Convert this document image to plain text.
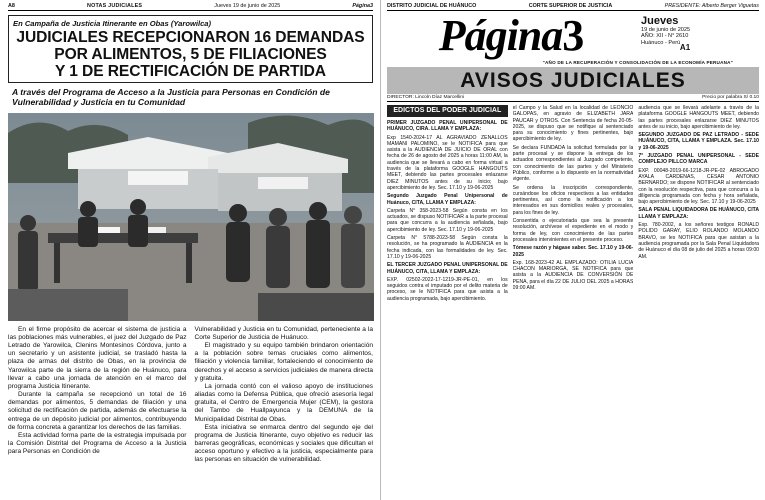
A8	NOTAS JUDICIALES	Jueves 19 de junio de 2025	Página3
En Campaña de Justicia Itinerante en Obas (Yarowilca)
JUDICIALES RECEPCIONARON 16 DEMANDAS
POR ALIMENTOS, 5 DE FILIACIONES
Y 1 DE RECTIFICACIÓN DE PARTIDA
A través del Programa de Acceso a la Justicia para Personas en Condición de Vulnerabilidad y Justicia en tu Comunidad

En el firme propósito de acercar el sistema de justicia a las poblaciones más vulnerables, el juez del Juzgado de Paz Letrado de Yarowilca, Clenins Montesinos Córdova, junto a un secretario y un asistente judicial, se trasladó hasta la plaza de armas del distrito de Obas, en la provincia de Yarowilca parte de la sierra de la región de Huánuco, para llevar a cabo una jornada de atención en el marco del programa Justicia Itinerante.

Durante la campaña se recepcionó un total de 16 demandas por alimentos, 5 demandas de filiación y una solicitud de rectificación de partida, además de efectuarse la entrega de un depósito judicial por alimentos, contribuyendo de forma concreta a garantizar los derechos de las familias.

Esta actividad forma parte de la estrategia impulsada por la Comisión Distrital del Programa de Acceso a la Justicia para Personas en Condición de

Vulnerabilidad y Justicia en tu Comunidad, perteneciente a la Corte Superior de Justicia de Huánuco.

El magistrado y su equipo también brindaron orientación a la población sobre temas cruciales como alimentos, filiación y violencia familiar, fortaleciendo el conocimiento de derechos y el acceso a servicios judiciales de manera directa y gratuita.

La jornada contó con el valioso apoyo de instituciones aliadas como la Defensa Pública, que ofreció asesoría legal gratuita, el Centro de Emergencia Mujer (CEM), la gestora del Tambo de Huallpayunca y la DEMUNA de la Municipalidad Distrital de Obas.

Esta iniciativa se enmarca dentro del segundo eje del programa de Justicia Itinerante, cuyo objetivo es reducir las barreras geográficas, económicas y sociales que dificultan el acceso oportuno y efectivo a la justicia, especialmente para las personas en situación de vulnerabilidad.

DISTRITO JUDICIAL DE HUÁNUCO	CORTE SUPERIOR DE JUSTICIA	PRESIDENTE: Alberto Berger Viguetas
Página3	Jueves
19 de junio de 2025
AÑO: XII - N° 2610
Huánuco - Perú
A1
"AÑO DE LA RECUPERACIÓN Y CONSOLIDACIÓN DE LA ECONOMÍA PERUANA"
AVISOS JUDICIALES
DIRECTOR: Lincoln Díaz Marcellini	Precio por palabra S/ 0.10
EDICTOS DEL PODER JUDICIAL

PRIMER JUZGADO PENAL UNIPERSONAL DE HUÁNUCO, CIRA. LLAMA Y EMPLAZA:

Exp 1540-2024-17 AL AGRAVIADO ZENALLOS MAMANI PALOMINO, se le NOTIFICA para que asista a la AUDIENCIA DE JUICIO DE ORAL con fecha de 26 de agosto del 2025 a horas 11:00 AM, la audiencia que se llevará a cabo en forma virtual a través de la plataforma GOOGLE HANGOUTS MEET, debiendo las partes procesales enlazarse DIEZ MINUTOS antes de su inicio; bajo apercibimiento de ley. Sec. 17.10 y 19-06-2025

Segundo Juzgado Penal Unipersonal de Huánuco, CITA, LLAMA Y EMPLAZA:

Carpeta N° 358-2023-58 Según consta en los actuados, se dispuso NOTIFICAR a la parte procesal para que concurra a la audiencia señalada, bajo apercibimiento de ley. Sec. 17.10 y 19-06-2025

Carpeta N° 5788-2023-58 Según consta la resolución, se ha programado la AUDIENCIA en la fecha indicada, con las formalidades de ley. Sec. 17.10 y 19-06-2025

EL TERCER JUZGADO PENAL UNIPERSONAL DE HUÁNUCO, CITA, LLAMA Y EMPLAZA:

EXP. 02502-2022-17-1219-JR-PE-01, en los seguidos contra el imputado por el delito materia de proceso, se le NOTIFICA para que asista a la audiencia programada, bajo apercibimiento.

el Campo y la Salud en la localidad de LEONCIO GALOPAS, en agravio de ELIZABETH JARA PAUCAR y OTROS. Con Sentencia de fecha 20-05-2025, se dispuso que se notifique al sentenciado para su conocimiento y fines pertinentes, bajo apercibimiento de ley.

Se declara FUNDADA la solicitud formulada por la parte procesal y se dispone la entrega de los actuados correspondientes al Juzgado competente, con conocimiento de las partes y del Ministerio Público, conforme a lo dispuesto en la normatividad vigente.

Se ordena la inscripción correspondiente, cursándose los oficios respectivos a las entidades pertinentes, así como la notificación a los interesados en sus domicilios reales y procesales, para los fines de ley.

Consentida o ejecutoriada que sea la presente resolución, archívese el expediente en el modo y forma de ley, con conocimiento de las partes procesales intervinientes en el presente proceso.

Tómese razón y hágase saber. Sec. 17.10 y 19-06-2025

Exp. 168-2023-42 AL EMPLAZADO: OTILIA LUCIA CHACON MARIORGA, SE NOTIFICA para que asista a la AUDIENCIA DE CONVERSIÓN DE PENA, para el día 22 DE JULIO DEL 2025 a HORAS 09:00 AM.

audiencia que se llevará adelante a través de la plataforma GOOGLE HANGOUTS MEET, debiendo las partes procesales enlazarse DIEZ MINUTOS antes de su inicio, bajo apercibimiento de ley.

SEGUNDO JUZGADO DE PAZ LETRADO - SEDE HUÁNUCO, CITA, LLAMA Y EMPLAZA. Sec. 17.10 y 19-06-2025

7° JUZGADO PENAL UNIPERSONAL - SEDE COMPLEJO PILLCO MARCA

EXP. 00048-2019-66-1218-JR-PE-02 ABROGADO AYALA CARDENAS, CESAR ANTONIO BERNARDO; se dispone NOTIFICAR al sentenciado con la resolución respectiva, para que concurra a la diligencia programada con fecha y hora señalada, bajo apercibimiento de ley. Sec. 17.10 y 19-06-2025

SALA PENAL LIQUIDADORA DE HUÁNUCO, CITA LLAMA Y EMPLAZA:

Exp. 780-2002, a los señores testigos RONALD POLIDO GARAY, ELIO ROLANDO MOLANDO BRAVO, se les NOTIFICA para que asistan a la audiencia programada por la Sala Penal Liquidadora de Huánuco el día 08 de julio del 2025 a horas 09:00 AM.
